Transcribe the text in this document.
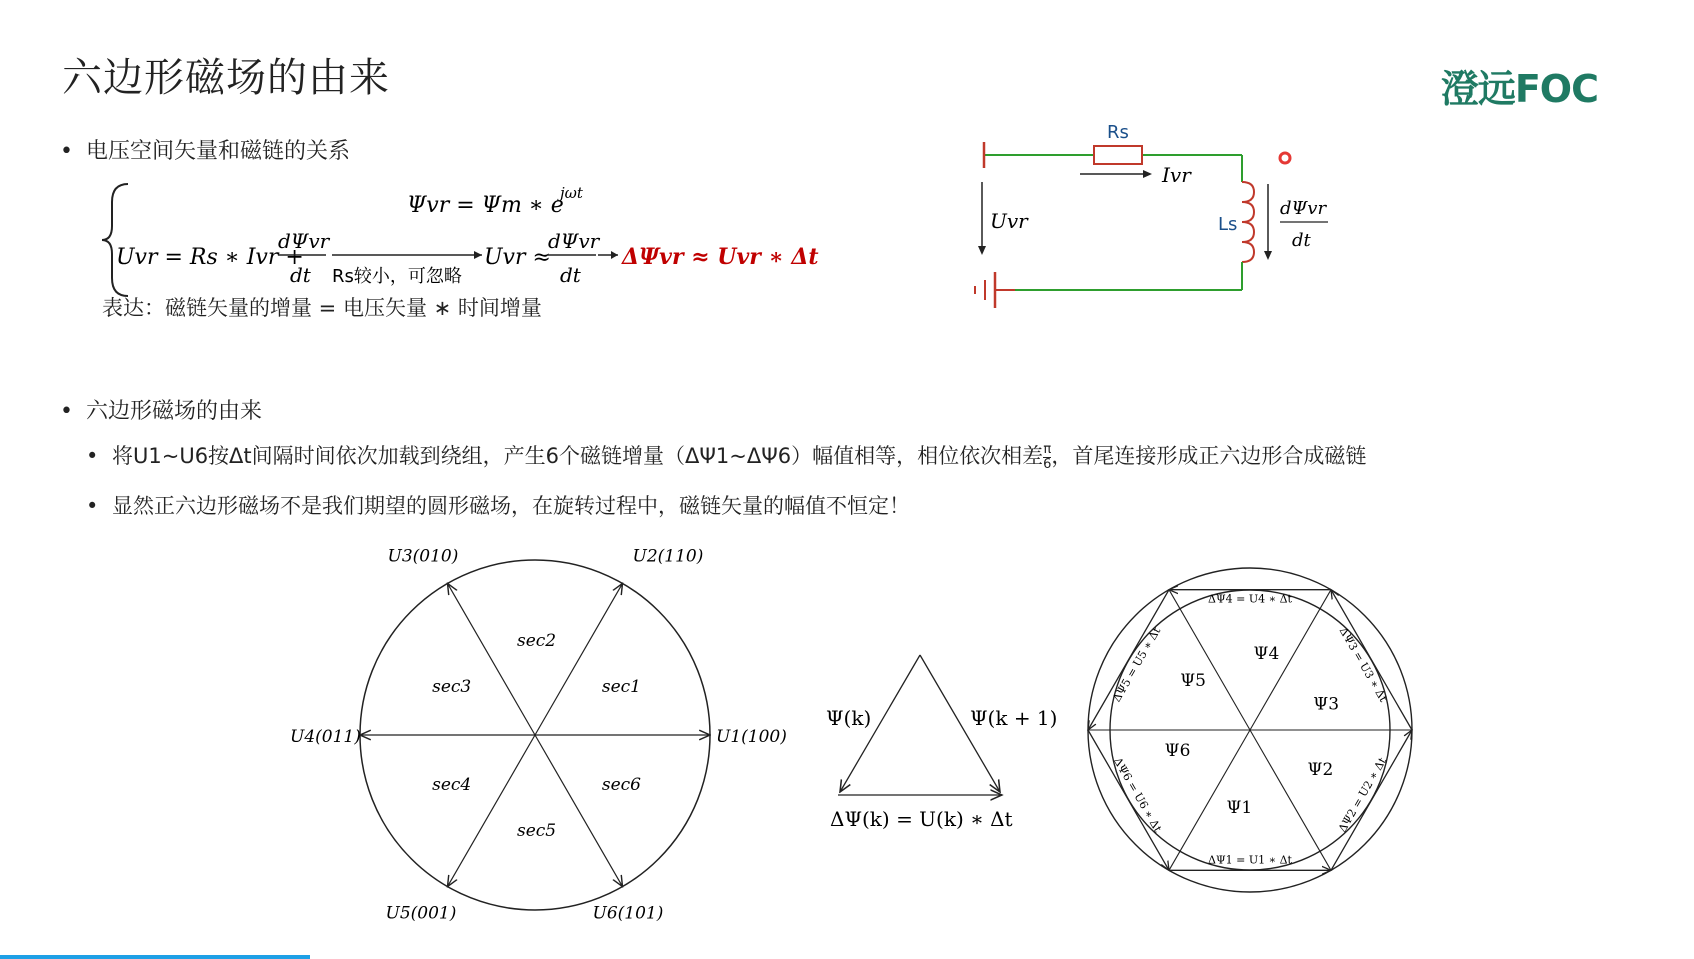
六边形磁场的由来	澄远FOC
• 电压空间矢量和磁链的关系
Ψvr = Ψm ∗ e
jωt
Uvr = Rs ∗ Ivr +
dΨvr
dt Rs较小，可忽略
Uvr ≈
dΨvr
dt
ΔΨvr ≈ Uvr ∗ Δt
表达：磁链矢量的增量 = 电压矢量 ∗ 时间增量
Rs
Ls
Ivr
Uvr
dΨvr
dt
• 六边形磁场的由来
• 将U1~U6按Δt间隔时间依次加载到绕组，产生6个磁链增量（ΔΨ1~ΔΨ6）幅值相等，相位依次相差 $\frac{\pi}{6}$ ，首尾连接形成正六边形合成磁链
• 显然正六边形磁场不是我们期望的圆形磁场，在旋转过程中，磁链矢量的幅值不恒定！
U1(100)
U2(110)
U3(010)
U4(011)
U5(001)	U6(101)
sec1
sec2
sec3
sec4
sec5
sec6
Ψ(k)	Ψ(k + 1)
ΔΨ(k) = U(k) ∗ Δt	Ψ1
Ψ2
Ψ3
Ψ4
Ψ5
Ψ6
ΔΨ1 = U1 ∗ Δt
ΔΨ2 = U2 ∗ Δt
ΔΨ3 = U3 ∗ Δt
ΔΨ4 = U4 ∗ Δt
ΔΨ5 = U5 ∗ Δt
ΔΨ6 = U6 ∗ Δt
